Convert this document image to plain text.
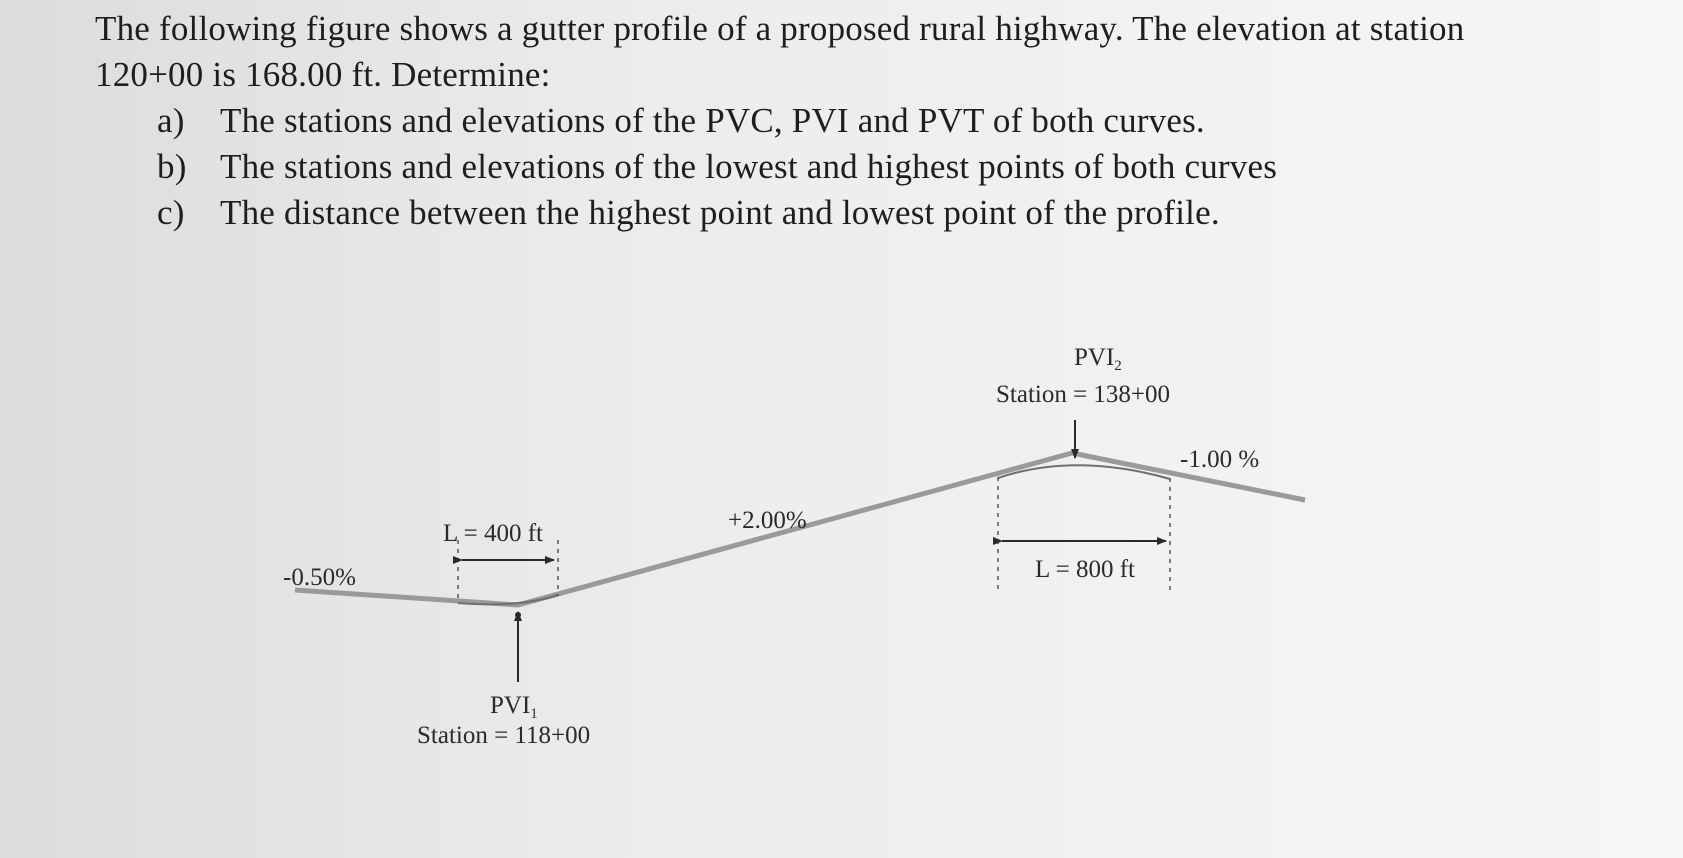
The following figure shows a gutter profile of a proposed rural highway. The elevation at station

120+00 is 168.00 ft. Determine:

a) The stations and elevations of the PVC, PVI and PVT of both curves.
b) The stations and elevations of the lowest and highest points of both curves
c) The distance between the highest point and lowest point of the profile.
-0.50%
+2.00%
-1.00 %
L = 400 ft
L = 800 ft
$PVI_1$
Station = 118+00
$PVI_2$
Station = 138+00
